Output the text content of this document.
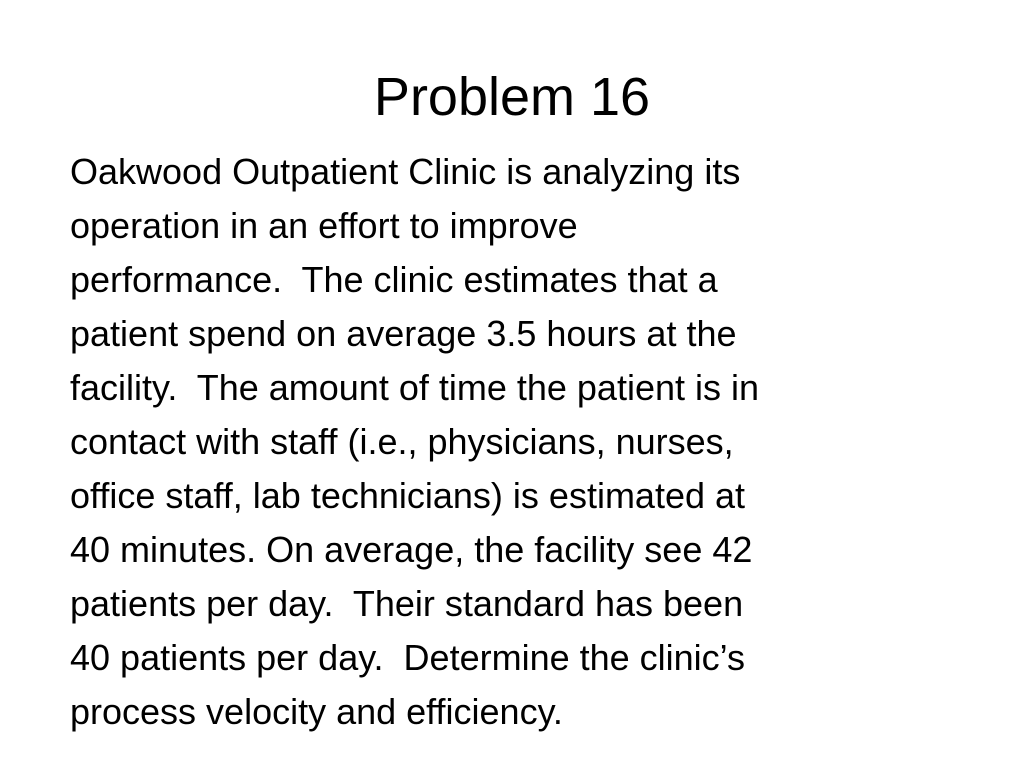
Problem 16
Oakwood Outpatient Clinic is analyzing its
operation in an effort to improve
performance.  The clinic estimates that a
patient spend on average 3.5 hours at the
facility.  The amount of time the patient is in
contact with staff (i.e., physicians, nurses,
office staff, lab technicians) is estimated at
40 minutes. On average, the facility see 42
patients per day.  Their standard has been
40 patients per day.  Determine the clinic’s
process velocity and efficiency.
